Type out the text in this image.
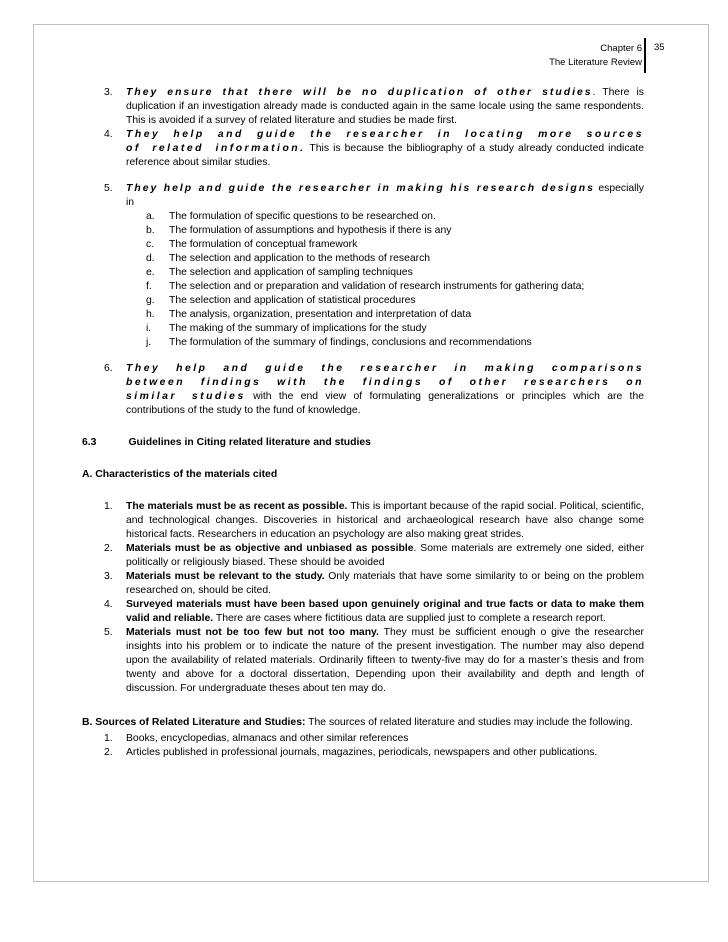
Chapter 6
The Literature Review
35
3. They ensure that there will be no duplication of other studies. There is duplication if an investigation already made is conducted again in the same locale using the same respondents. This is avoided if a survey of related literature and studies be made first.
4. They help and guide the researcher in locating more sources of related information. This is because the bibliography of a study already conducted indicate reference about similar studies.
5. They help and guide the researcher in making his research designs especially in
a. The formulation of specific questions to be researched on.
b. The formulation of assumptions and hypothesis if there is any
c. The formulation of conceptual framework
d. The selection and application to the methods of research
e. The selection and application of sampling techniques
f. The selection and or preparation and validation of research instruments for gathering data;
g. The selection and application of statistical procedures
h. The analysis, organization, presentation and interpretation of data
i. The making of the summary of implications for the study
j. The formulation of the summary of findings, conclusions and recommendations
6. They help and guide the researcher in making comparisons between findings with the findings of other researchers on similar studies with the end view of formulating generalizations or principles which are the contributions of the study to the fund of knowledge.

6.3	Guidelines in Citing related literature and studies

A. Characteristics of the materials cited

1. The materials must be as recent as possible. This is important because of the rapid social. Political, scientific, and technological changes. Discoveries in historical and archaeological research have also change some historical facts. Researchers in education an psychology are also making great strides.
2. Materials must be as objective and unbiased as possible. Some materials are extremely one sided, either politically or religiously biased. These should be avoided
3. Materials must be relevant to the study. Only materials that have some similarity to or being on the problem researched on, should be cited.
4. Surveyed materials must have been based upon genuinely original and true facts or data to make them valid and reliable. There are cases where fictitious data are supplied just to complete a research report.
5. Materials must not be too few but not too many. They must be sufficient enough o give the researcher insights into his problem or to indicate the nature of the present investigation. The number may also depend upon the availability of related materials. Ordinarily fifteen to twenty-five may do for a master’s thesis and from twenty and above for a doctoral dissertation, Depending upon their availability and depth and length of discussion. For undergraduate theses about ten may do.

B. Sources of Related Literature and Studies: The sources of related literature and studies may include the following.

1. Books, encyclopedias, almanacs and other similar references
2. Articles published in professional journals, magazines, periodicals, newspapers and other publications.
